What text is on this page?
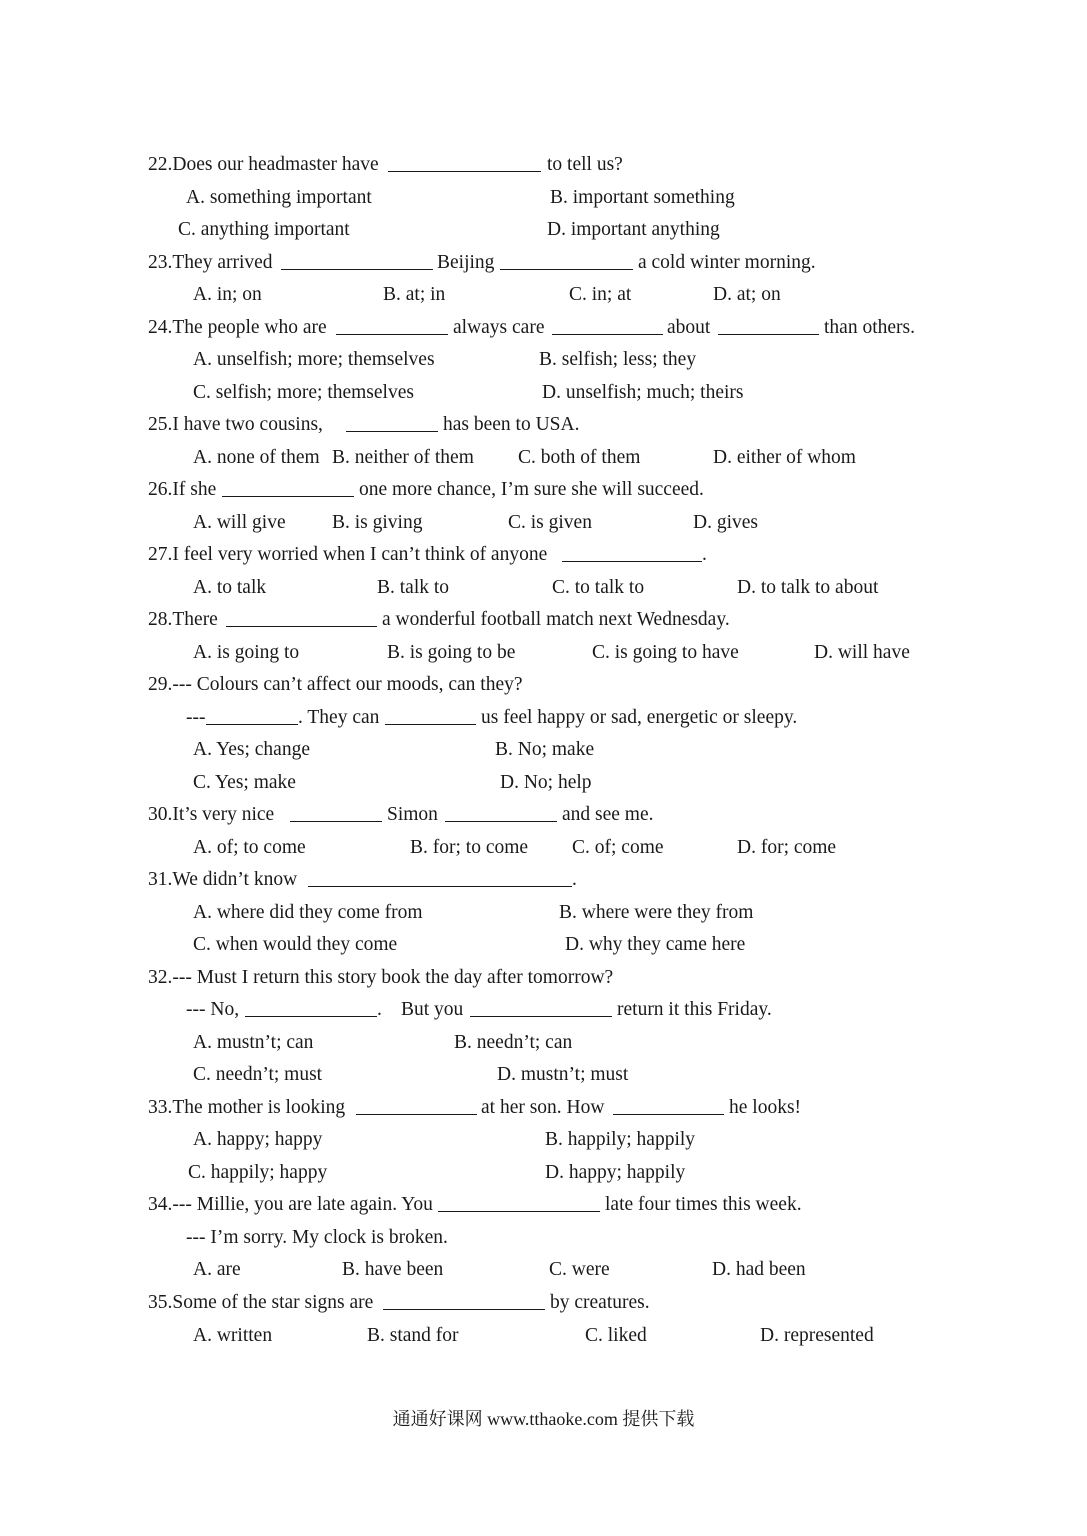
22.Does our headmaster have	to tell us?
A. something important	B. important something
C. anything important	D. important anything
23.They arrived	Beijing	a cold winter morning.
A. in; on	B. at; in	C. in; at	D. at; on
24.The people who are	always care	about	than others.
A. unselfish; more; themselves	B. selfish; less; they
C. selfish; more; themselves	D. unselfish; much; theirs
25.I have two cousins,	has been to USA.
A. none of them B. neither of them C. both of them	D. either of whom
26.If she	one more chance, I’m sure she will succeed.
A. will give B. is giving	C. is given	D. gives
27.I feel very worried when I can’t think of anyone	.
A. to talk	B. talk to	C. to talk to	D. to talk to about
28.There	a wonderful football match next Wednesday.
A. is going to	B. is going to be	C. is going to have	D. will have
29.--- Colours can’t affect our moods, can they?
---	. They can	us feel happy or sad, energetic or sleepy.
A. Yes; change	B. No; make
C. Yes; make	D. No; help
30.It’s very nice	Simon	and see me.
A. of; to come	B. for; to come C. of; come	D. for; come
31.We didn’t know	.
A. where did they come from	B. where were they from
C. when would they come	D. why they came here
32.--- Must I return this story book the day after tomorrow?
--- No,	. But you	return it this Friday.
A. mustn’t; can	B. needn’t; can
C. needn’t; must	D. mustn’t; must
33.The mother is looking	at her son. How	he looks!
A. happy; happy	B. happily; happily
C. happily; happy	D. happy; happily
34.--- Millie, you are late again. You	late four times this week.
--- I’m sorry. My clock is broken.
A. are	B. have been	C. were	D. had been
35.Some of the star signs are	by creatures.
A. written	B. stand for	C. liked	D. represented
通通好课网 www.tthaoke.com 提供下载
